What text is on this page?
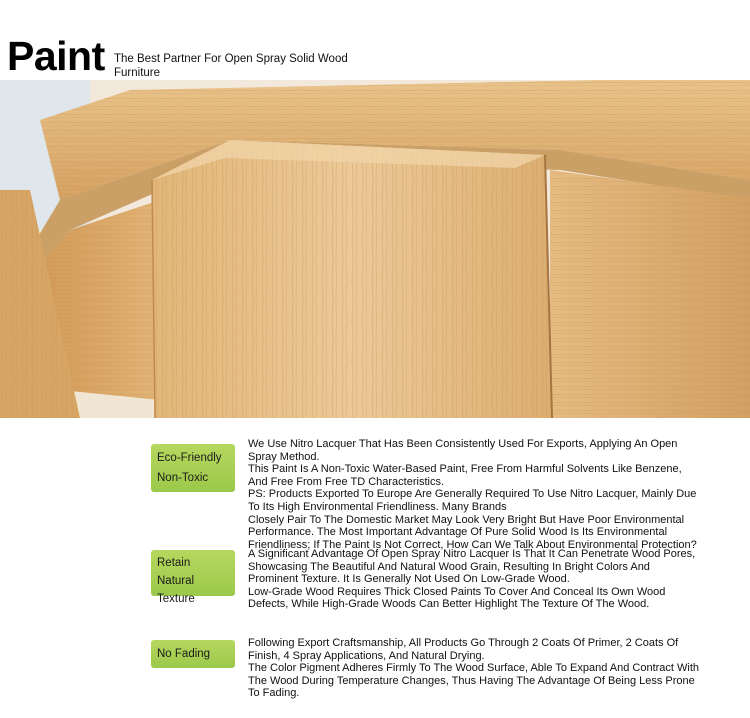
Paint The Best Partner For Open Spray Solid Wood Furniture
Eco-Friendly Non-Toxic

We Use Nitro Lacquer That Has Been Consistently Used For Exports, Applying An Open Spray Method.

This Paint Is A Non-Toxic Water-Based Paint, Free From Harmful Solvents Like Benzene, And Free From Free TD Characteristics.

PS: Products Exported To Europe Are Generally Required To Use Nitro Lacquer, Mainly Due To Its High Environmental Friendliness. Many Brands

Closely Pair To The Domestic Market May Look Very Bright But Have Poor Environmental Performance. The Most Important Advantage Of Pure Solid Wood Is Its Environmental Friendliness; If The Paint Is Not Correct, How Can We Talk About Environmental Protection?

Retain Natural Texture

A Significant Advantage Of Open Spray Nitro Lacquer Is That It Can Penetrate Wood Pores, Showcasing The Beautiful And Natural Wood Grain, Resulting In Bright Colors And Prominent Texture. It Is Generally Not Used On Low-Grade Wood.

Low-Grade Wood Requires Thick Closed Paints To Cover And Conceal Its Own Wood Defects, While High-Grade Woods Can Better Highlight The Texture Of The Wood.

No Fading

Following Export Craftsmanship, All Products Go Through 2 Coats Of Primer, 2 Coats Of Finish, 4 Spray Applications, And Natural Drying.

The Color Pigment Adheres Firmly To The Wood Surface, Able To Expand And Contract With The Wood During Temperature Changes, Thus Having The Advantage Of Being Less Prone To Fading.
